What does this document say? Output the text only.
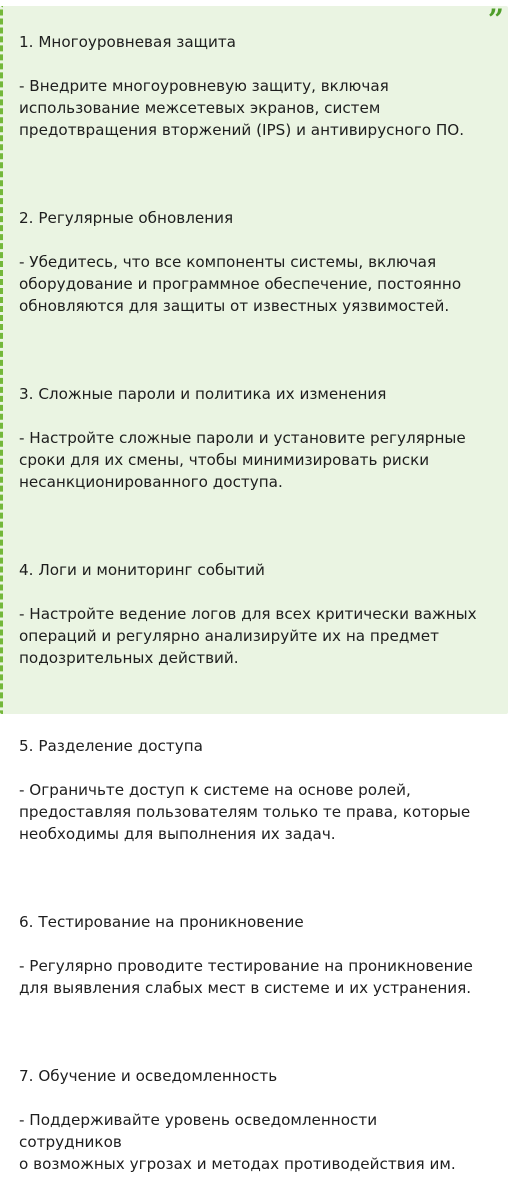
”

1. Многоуровневая защита

- Внедрите многоуровневую защиту, включая
использование межсетевых экранов, систем
предотвращения вторжений (IPS) и антивирусного ПО.

2. Регулярные обновления

- Убедитесь, что все компоненты системы, включая
оборудование и программное обеспечение, постоянно
обновляются для защиты от известных уязвимостей.

3. Сложные пароли и политика их изменения

- Настройте сложные пароли и установите регулярные
сроки для их смены, чтобы минимизировать риски
несанкционированного доступа.

4. Логи и мониторинг событий

- Настройте ведение логов для всех критически важных
операций и регулярно анализируйте их на предмет
подозрительных действий.

5. Разделение доступа

- Ограничьте доступ к системе на основе ролей,
предоставляя пользователям только те права, которые
необходимы для выполнения их задач.

6. Тестирование на проникновение

- Регулярно проводите тестирование на проникновение
для выявления слабых мест в системе и их устранения.

7. Обучение и осведомленность

- Поддерживайте уровень осведомленности сотрудников
о возможных угрозах и методах противодействия им.
